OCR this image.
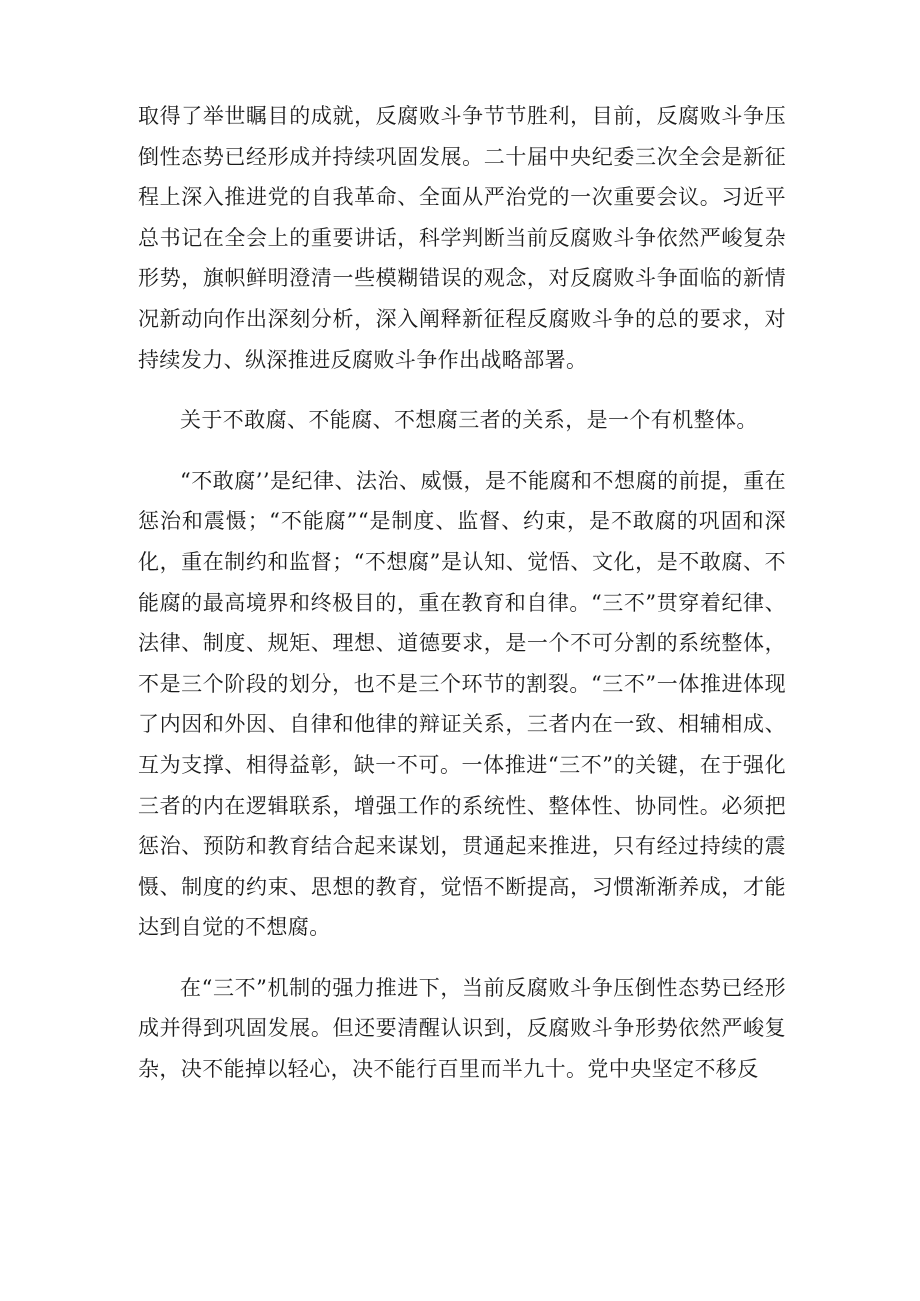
取得了举世瞩目的成就，反腐败斗争节节胜利，目前，反腐败斗争压倒性态势已经形成并持续巩固发展。二十届中央纪委三次全会是新征程上深入推进党的自我革命、全面从严治党的一次重要会议。习近平总书记在全会上的重要讲话，科学判断当前反腐败斗争依然严峻复杂形势，旗帜鲜明澄清一些模糊错误的观念，对反腐败斗争面临的新情况新动向作出深刻分析，深入阐释新征程反腐败斗争的总的要求，对持续发力、纵深推进反腐败斗争作出战略部署。

关于不敢腐、不能腐、不想腐三者的关系，是一个有机整体。

“不敢腐’’是纪律、法治、威慑，是不能腐和不想腐的前提，重在惩治和震慑；“不能腐”“是制度、监督、约束，是不敢腐的巩固和深化，重在制约和监督；“不想腐”是认知、觉悟、文化，是不敢腐、不能腐的最高境界和终极目的，重在教育和自律。“三不”贯穿着纪律、法律、制度、规矩、理想、道德要求，是一个不可分割的系统整体，不是三个阶段的划分，也不是三个环节的割裂。“三不”一体推进体现了内因和外因、自律和他律的辩证关系，三者内在一致、相辅相成、互为支撑、相得益彰，缺一不可。一体推进“三不”的关键，在于强化三者的内在逻辑联系，增强工作的系统性、整体性、协同性。必须把惩治、预防和教育结合起来谋划，贯通起来推进，只有经过持续的震慑、制度的约束、思想的教育，觉悟不断提高，习惯渐渐养成，才能达到自觉的不想腐。

在“三不”机制的强力推进下，当前反腐败斗争压倒性态势已经形成并得到巩固发展。但还要清醒认识到，反腐败斗争形势依然严峻复杂，决不能掉以轻心，决不能行百里而半九十。党中央坚定不移反
